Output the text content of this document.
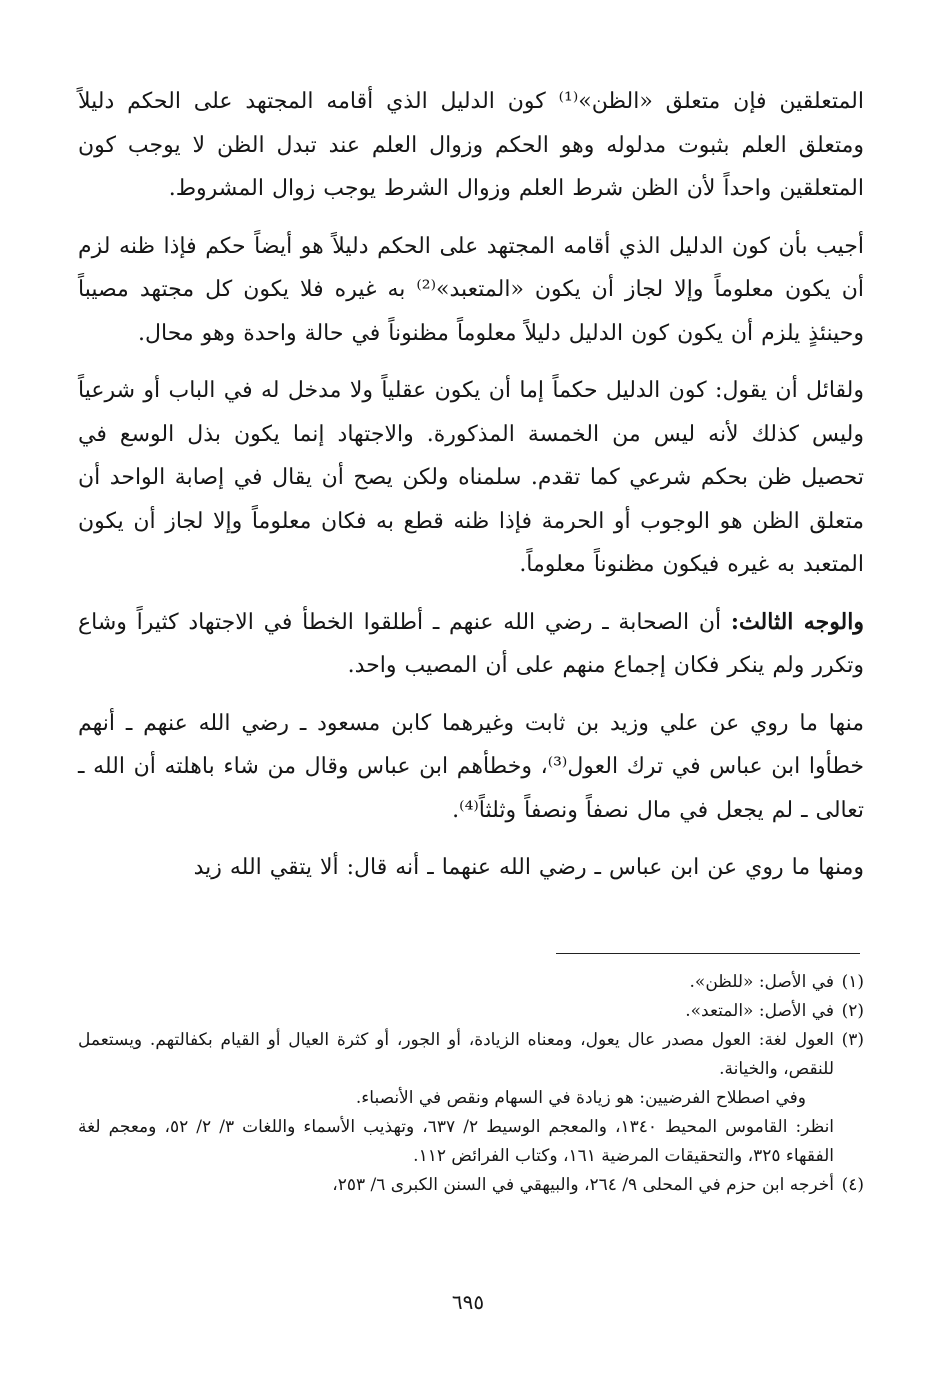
المتعلقين فإن متعلق «الظن»⁽¹⁾ كون الدليل الذي أقامه المجتهد على الحكم دليلاً ومتعلق العلم بثبوت مدلوله وهو الحكم وزوال العلم عند تبدل الظن لا يوجب كون المتعلقين واحداً لأن الظن شرط العلم وزوال الشرط يوجب زوال المشروط.

أجيب بأن كون الدليل الذي أقامه المجتهد على الحكم دليلاً هو أيضاً حكم فإذا ظنه لزم أن يكون معلوماً وإلا لجاز أن يكون «المتعبد»⁽²⁾ به غيره فلا يكون كل مجتهد مصيباً وحينئذٍ يلزم أن يكون كون الدليل دليلاً معلوماً مظنوناً في حالة واحدة وهو محال.

ولقائل أن يقول: كون الدليل حكماً إما أن يكون عقلياً ولا مدخل له في الباب أو شرعياً وليس كذلك لأنه ليس من الخمسة المذكورة. والاجتهاد إنما يكون بذل الوسع في تحصيل ظن بحكم شرعي كما تقدم. سلمناه ولكن يصح أن يقال في إصابة الواحد أن متعلق الظن هو الوجوب أو الحرمة فإذا ظنه قطع به فكان معلوماً وإلا لجاز أن يكون المتعبد به غيره فيكون مظنوناً معلوماً.

والوجه الثالث: أن الصحابة ـ رضي الله عنهم ـ أطلقوا الخطأ في الاجتهاد كثيراً وشاع وتكرر ولم ينكر فكان إجماع منهم على أن المصيب واحد.

منها ما روي عن علي وزيد بن ثابت وغيرهما كابن مسعود ـ رضي الله عنهم ـ أنهم خطأوا ابن عباس في ترك العول⁽³⁾، وخطأهم ابن عباس وقال من شاء باهلته أن الله ـ تعالى ـ لم يجعل في مال نصفاً ونصفاً وثلثاً⁽⁴⁾.

ومنها ما روي عن ابن عباس ـ رضي الله عنهما ـ أنه قال: ألا يتقي الله زيد

(١)
في الأصل: «للظن».

(٢)
في الأصل: «المتعد».

(٣)
العول لغة: العول مصدر عال يعول، ومعناه الزيادة، أو الجور، أو كثرة العيال أو القيام بكفالتهم. ويستعمل للنقص، والخيانة.

وفي اصطلاح الفرضيين: هو زيادة في السهام ونقص في الأنصباء.

انظر: القاموس المحيط ١٣٤٠، والمعجم الوسيط ٢/ ٦٣٧، وتهذيب الأسماء واللغات ٣/ ٢/ ٥٢، ومعجم لغة الفقهاء ٣٢٥، والتحقيقات المرضية ١٦١، وكتاب الفرائض ١١٢.

(٤)
أخرجه ابن حزم في المحلى ٩/ ٢٦٤، والبيهقي في السنن الكبرى ٦/ ٢٥٣،

٦٩٥
